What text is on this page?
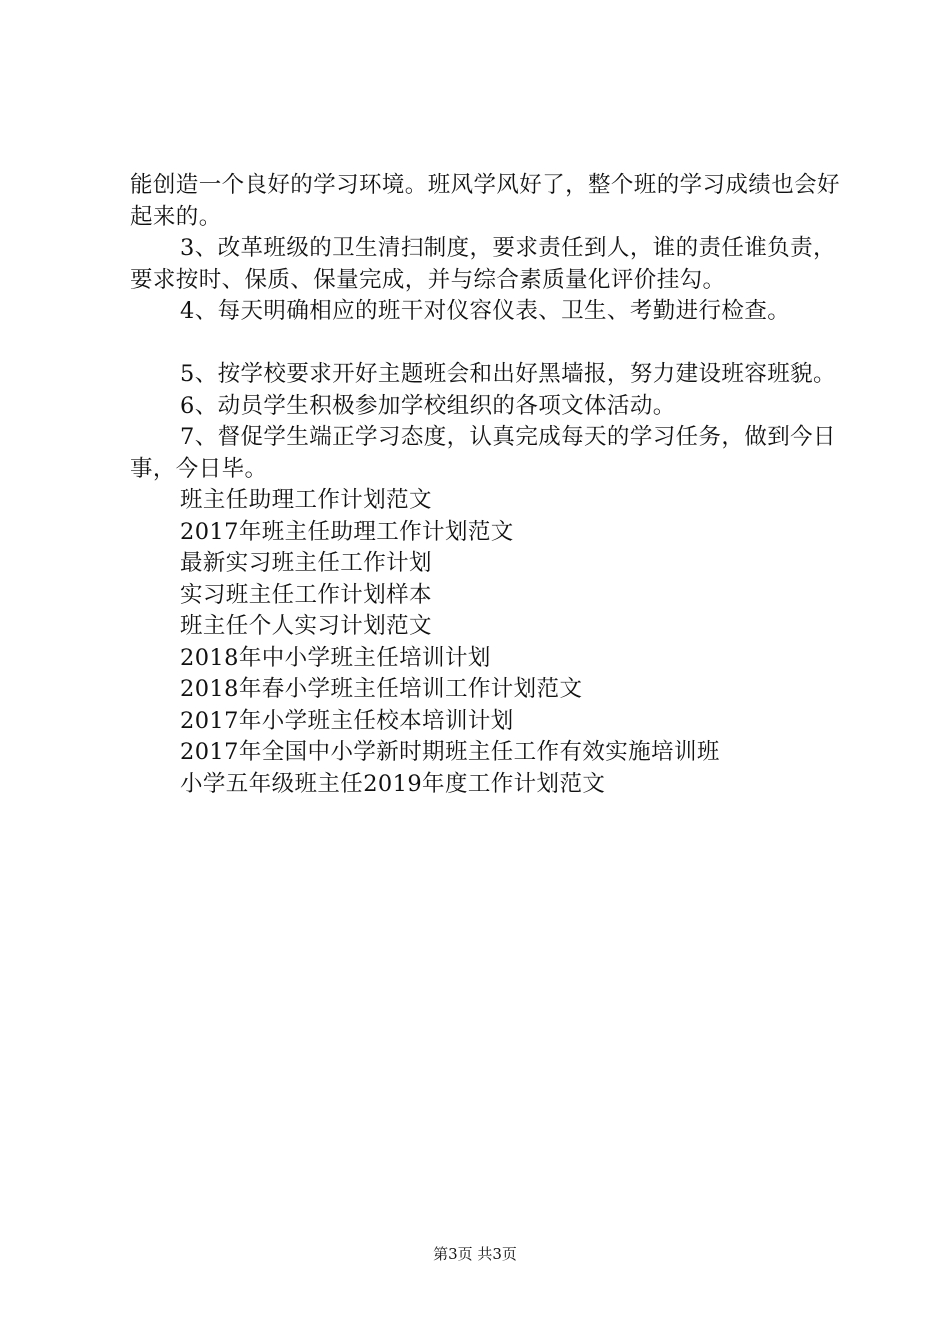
能创造一个良好的学习环境。班风学风好了，整个班的学习成绩也会好起来的。

3、改革班级的卫生清扫制度，要求责任到人，谁的责任谁负责，要求按时、保质、保量完成，并与综合素质量化评价挂勾。

4、每天明确相应的班干对仪容仪表、卫生、考勤进行检查。

5、按学校要求开好主题班会和出好黑墙报，努力建设班容班貌。

6、动员学生积极参加学校组织的各项文体活动。

7、督促学生端正学习态度，认真完成每天的学习任务，做到今日事，今日毕。

班主任助理工作计划范文
2017年班主任助理工作计划范文
最新实习班主任工作计划
实习班主任工作计划样本
班主任个人实习计划范文
2018年中小学班主任培训计划
2018年春小学班主任培训工作计划范文
2017年小学班主任校本培训计划
2017年全国中小学新时期班主任工作有效实施培训班
小学五年级班主任2019年度工作计划范文
第3页 共3页
